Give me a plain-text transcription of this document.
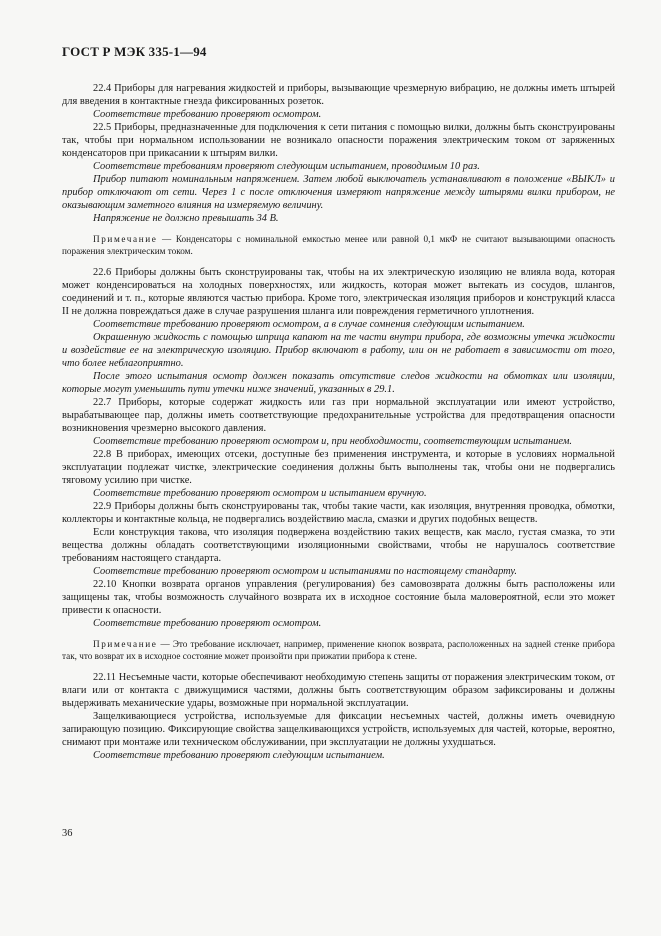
ГОСТ Р МЭК 335-1—94

22.4 Приборы для нагревания жидкостей и приборы, вызывающие чрезмерную вибрацию, не должны иметь штырей для введения в контактные гнезда фиксированных розеток.

Соответствие требованию проверяют осмотром.

22.5 Приборы, предназначенные для подключения к сети питания с помощью вилки, должны быть сконструированы так, чтобы при нормальном использовании не возникало опасности поражения электрическим током от заряженных конденсаторов при прикасании к штырям вилки.

Соответствие требованиям проверяют следующим испытанием, проводимым 10 раз.

Прибор питают номинальным напряжением. Затем любой выключатель устанавливают в положение «ВЫКЛ» и прибор отключают от сети. Через 1 с после отключения измеряют напряжение между штырями вилки прибором, не оказывающим заметного влияния на измеряемую величину.

Напряжение не должно превышать 34 В.

Примечание — Конденсаторы с номинальной емкостью менее или равной 0,1 мкФ не считают вызывающими опасность поражения электрическим током.

22.6 Приборы должны быть сконструированы так, чтобы на их электрическую изоляцию не влияла вода, которая может конденсироваться на холодных поверхностях, или жидкость, которая может вытекать из сосудов, шлангов, соединений и т. п., которые являются частью прибора. Кроме того, электрическая изоляция приборов и конструкций класса II не должна повреждаться даже в случае разрушения шланга или повреждения герметичного уплотнения.

Соответствие требованию проверяют осмотром, а в случае сомнения следующим испытанием.

Окрашенную жидкость с помощью шприца капают на те части внутри прибора, где возможны утечка жидкости и воздействие ее на электрическую изоляцию. Прибор включают в работу, или он не работает в зависимости от того, что более неблагоприятно.

После этого испытания осмотр должен показать отсутствие следов жидкости на обмотках или изоляции, которые могут уменьшить пути утечки ниже значений, указанных в 29.1.

22.7 Приборы, которые содержат жидкость или газ при нормальной эксплуатации или имеют устройство, вырабатывающее пар, должны иметь соответствующие предохранительные устройства для предотвращения опасности возникновения чрезмерно высокого давления.

Соответствие требованию проверяют осмотром и, при необходимости, соответствующим испытанием.

22.8 В приборах, имеющих отсеки, доступные без применения инструмента, и которые в условиях нормальной эксплуатации подлежат чистке, электрические соединения должны быть выполнены так, чтобы они не подвергались тяговому усилию при чистке.

Соответствие требованию проверяют осмотром и испытанием вручную.

22.9 Приборы должны быть сконструированы так, чтобы такие части, как изоляция, внутренняя проводка, обмотки, коллекторы и контактные кольца, не подвергались воздействию масла, смазки и других подобных веществ.

Если конструкция такова, что изоляция подвержена воздействию таких веществ, как масло, густая смазка, то эти вещества должны обладать соответствующими изоляционными свойствами, чтобы не нарушалось соответствие требованиям настоящего стандарта.

Соответствие требованию проверяют осмотром и испытаниями по настоящему стандарту.

22.10 Кнопки возврата органов управления (регулирования) без самовозврата должны быть расположены или защищены так, чтобы возможность случайного возврата их в исходное состояние была маловероятной, если это может привести к опасности.

Соответствие требованию проверяют осмотром.

Примечание — Это требование исключает, например, применение кнопок возврата, расположенных на задней стенке прибора так, что возврат их в исходное состояние может произойти при прижатии прибора к стене.

22.11 Несъемные части, которые обеспечивают необходимую степень защиты от поражения электрическим током, от влаги или от контакта с движущимися частями, должны быть соответствующим образом зафиксированы и должны выдерживать механические удары, возможные при нормальной эксплуатации.

Защелкивающиеся устройства, используемые для фиксации несъемных частей, должны иметь очевидную запирающую позицию. Фиксирующие свойства защелкивающихся устройств, используемых для частей, которые, вероятно, снимают при монтаже или техническом обслуживании, при эксплуатации не должны ухудшаться.

Соответствие требованию проверяют следующим испытанием.

36
